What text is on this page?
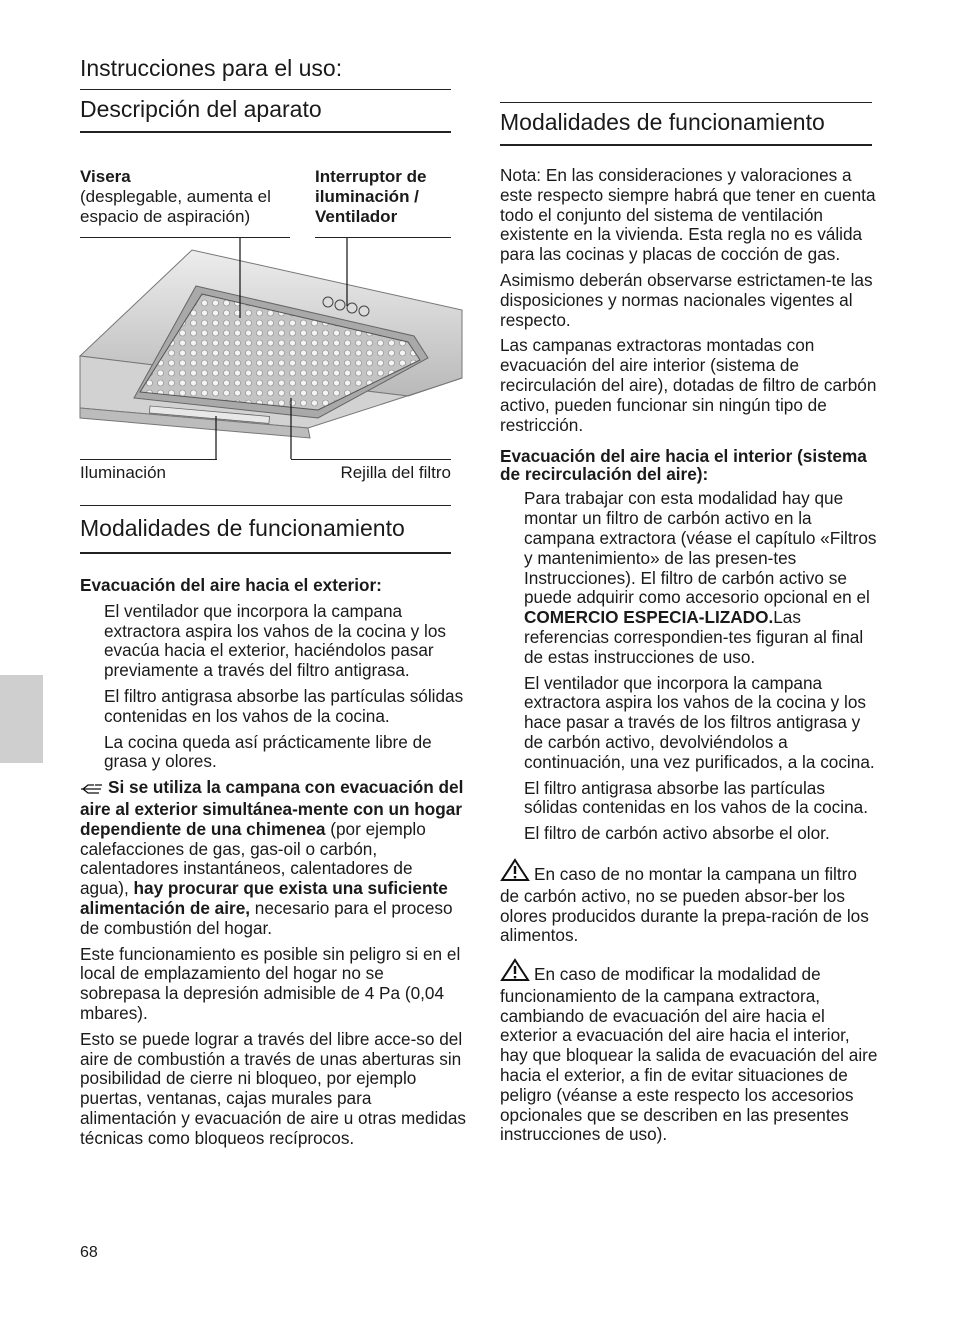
Instrucciones para el uso:
Descripción del aparato
Visera
(desplegable, aumenta el espacio de aspiración)
Interruptor de iluminación / Ventilador
Iluminación	Rejilla del filtro
Modalidades de funcionamiento
Evacuación del aire hacia el exterior:

El ventilador que incorpora la campana extractora aspira los vahos de la cocina y los evacúa hacia el exterior, haciéndolos pasar previamente a través del filtro antigrasa.

El filtro antigrasa absorbe las partículas sólidas contenidas en los vahos de la cocina.

La cocina queda así prácticamente libre de grasa y olores.

Si se utiliza la campana con evacuación del aire al exterior simultánea-mente con un hogar dependiente de una chimenea (por ejemplo calefacciones de gas, gas-oil o carbón, calentadores instantáneos, calentadores de agua), hay procurar que exista una suficiente alimentación de aire, necesario para el proceso de combustión del hogar.

Este funcionamiento es posible sin peligro si en el local de emplazamiento del hogar no se sobrepasa la depresión admisible de 4 Pa (0,04 mbares).

Esto se puede lograr a través del libre acce-so del aire de combustión a través de unas aberturas sin posibilidad de cierre ni bloqueo, por ejemplo puertas, ventanas, cajas murales para alimentación y evacuación de aire u otras medidas técnicas como bloqueos recíprocos.

68
Modalidades de funcionamiento

Nota: En las consideraciones y valoraciones a este respecto siempre habrá que tener en cuenta todo el conjunto del sistema de ventilación existente en la vivienda. Esta regla no es válida para las cocinas y placas de cocción de gas.

Asimismo deberán observarse estrictamen-te las disposiciones y normas nacionales vigentes al respecto.

Las campanas extractoras montadas con evacuación del aire interior (sistema de recirculación del aire), dotadas de filtro de carbón activo, pueden funcionar sin ningún tipo de restricción.

Evacuación del aire hacia el interior (sistema de recirculación del aire):

Para trabajar con esta modalidad hay que montar un filtro de carbón activo en la campana extractora (véase el capítulo «Filtros y mantenimiento» de las presen-tes Instrucciones). El filtro de carbón activo se puede adquirir como accesorio opcional en el COMERCIO ESPECIA-LIZADO.Las referencias correspondien-tes figuran al final de estas instrucciones de uso.

El ventilador que incorpora la campana extractora aspira los vahos de la cocina y los hace pasar a través de los filtros antigrasa y de carbón activo, devolviéndolos a continuación, una vez purificados, a la cocina.

El filtro antigrasa absorbe las partículas sólidas contenidas en los vahos de la cocina.

El filtro de carbón activo absorbe el olor.

En caso de no montar la campana un filtro de carbón activo, no se pueden absor-ber los olores producidos durante la prepa-ración de los alimentos.

En caso de modificar la modalidad de funcionamiento de la campana extractora, cambiando de evacuación del aire hacia el exterior a evacuación del aire hacia el interior, hay que bloquear la salida de evacuación del aire hacia el exterior, a fin de evitar situaciones de peligro (véanse a este respecto los accesorios opcionales que se describen en las presentes instrucciones de uso).
